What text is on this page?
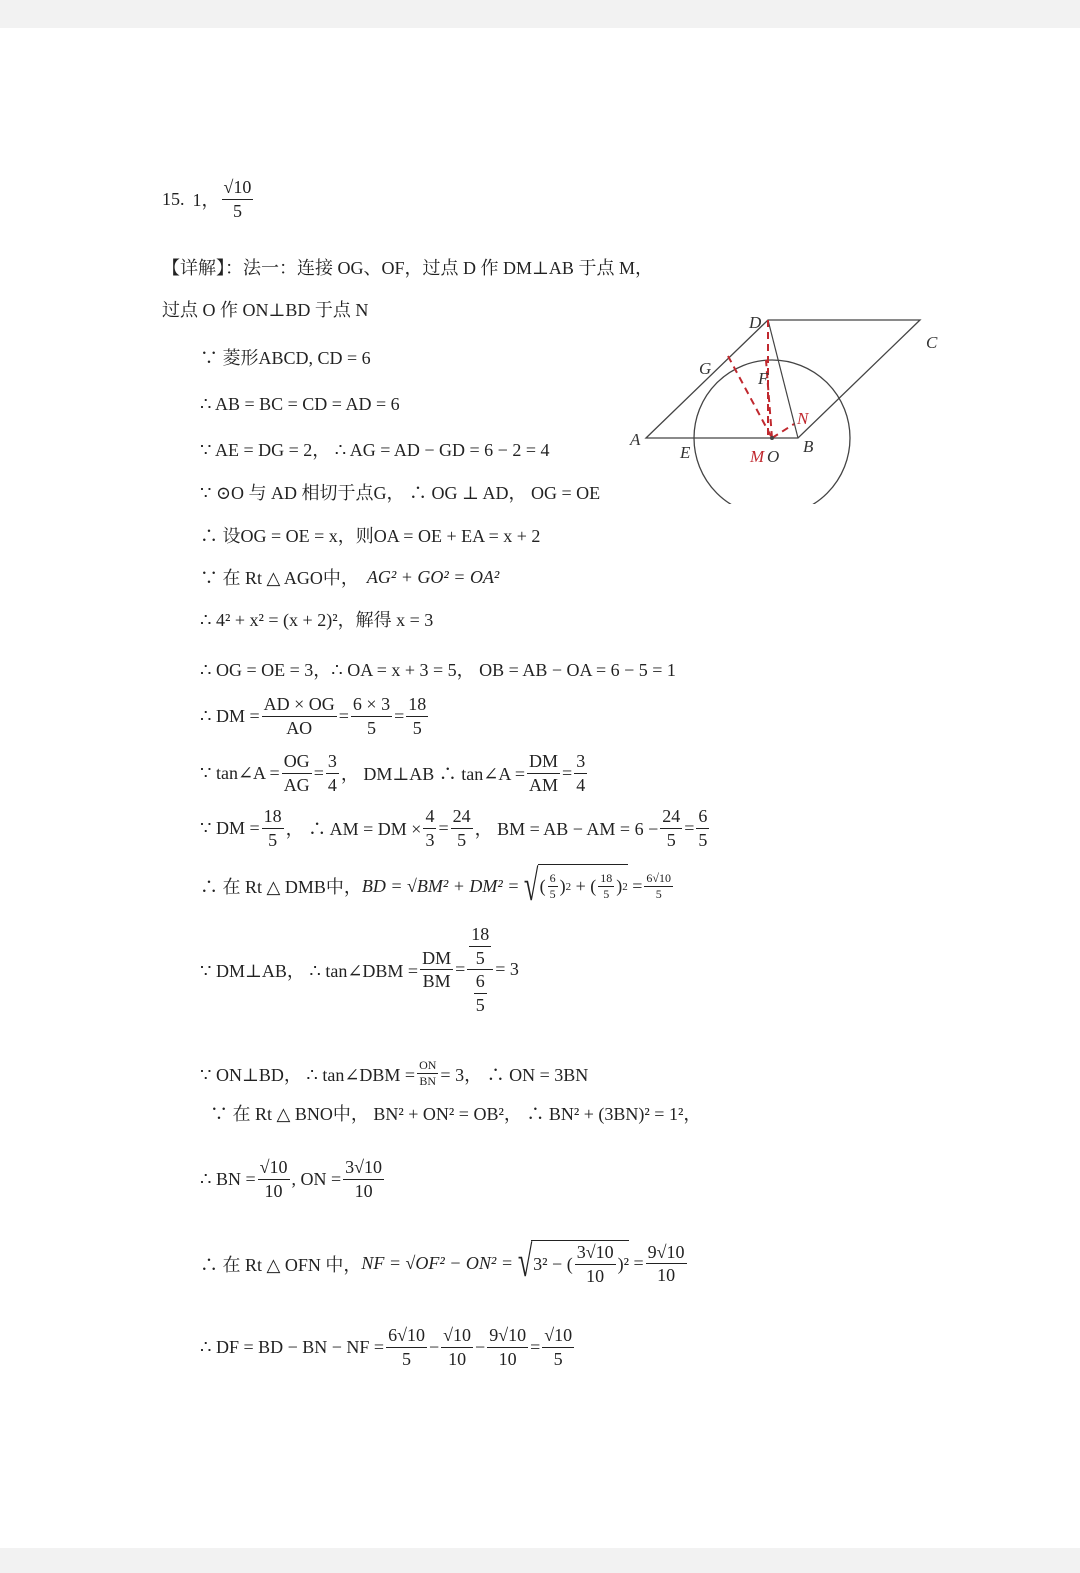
15. 1， $\frac{√10}{5}$
【详解】：法一：连接 OG、OF，过点 D 作 DM⊥AB 于点 M，
过点 O 作 ON⊥BD 于点 N
∵ 菱形ABCD, CD = 6
∴ AB = BC = CD = AD = 6
∵ AE = DG = 2， ∴ AG = AD − GD = 6 − 2 = 4
∵ ⊙O 与 AD 相切于点G， ∴ OG ⊥ AD， OG = OE
∴ 设OG = OE = x，则OA = OE + EA = x + 2
∵ 在 Rt △ AGO中， AG² + GO² = OA²
∴ 4² + x² = (x + 2)²，解得 x = 3
∴ OG = OE = 3，∴ OA = x + 3 = 5， OB = AB − OA = 6 − 5 = 1
∴ DM = $\frac{AD \times OG}{AO} = \frac{6 \times 3}{5} = \frac{18}{5}$
∵ tan∠A = $\frac{OG}{AG} = \frac{3}{4}$ ， DM⊥AB ∴ tan∠A = $\frac{DM}{AM} = \frac{3}{4}$
∵ DM = $\frac{18}{5}$ ， ∴ AM = DM × $\frac{4}{3} = \frac{24}{5}$ ， BM = AB − AM = $6 - \frac{24}{5} = \frac{6}{5}$
∴ 在 Rt △ DMB中， BD = √BM² + DM² = √ ( $\frac{6}{5}$ ) 2 + ( $\frac{18}{5}$ ) $2 = \frac{6√10}{5}$
∵ DM⊥AB， ∴ tan∠DBM = $\frac{DM}{BM} = \frac{\frac{18}{5}}{\frac{6}{5}} = 3$
∵ ON⊥BD， ∴ tan∠DBM = $\frac{ON}{BN} = 3$， ∴ ON = 3BN
∵ 在 Rt △ BNO中， BN² + ON² = OB²， ∴ BN² + (3BN)² = 1²，
∴ BN = $\frac{√10}{10}$ , ON = $\frac{3√10}{10}$
∴ 在 Rt △ OFN 中， NF = √OF² − ON² = √ 3² − ( $\frac{3√10}{10} )^2 = \frac{9√10}{10}$
∴ DF = BD − BN − NF = $\frac{6√10}{5} - \frac{√10}{10} - \frac{9√10}{10} = \frac{√10}{5}$
A	B
C
D
E
G
F
M O
N
